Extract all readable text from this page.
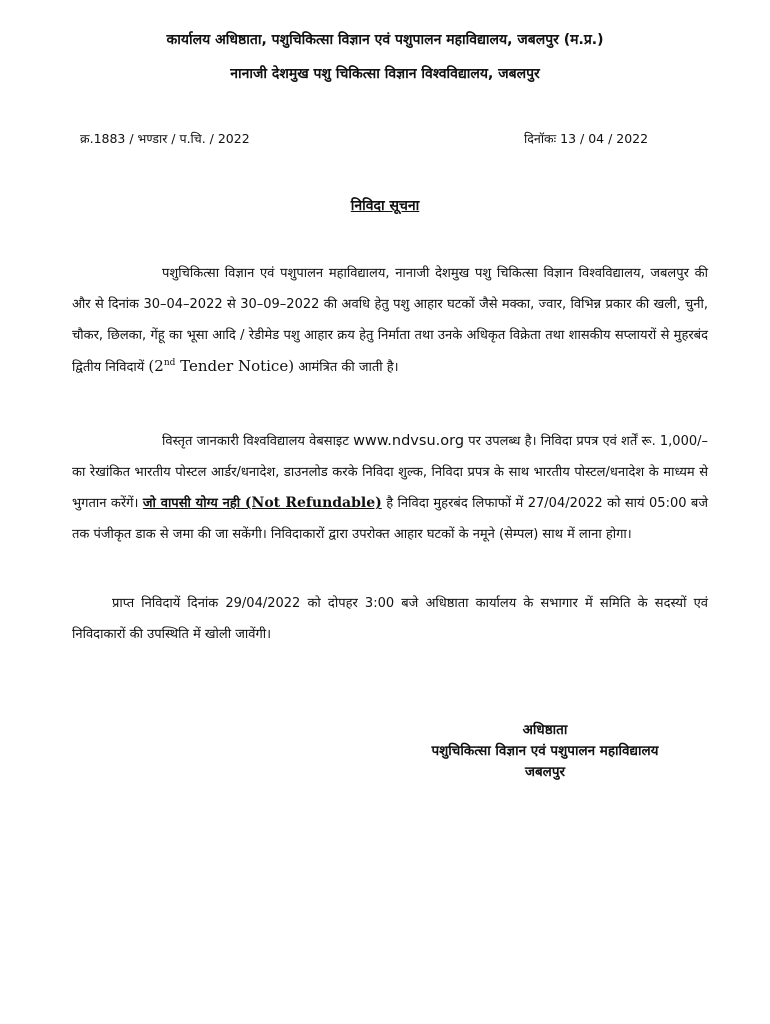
कार्यालय अधिष्ठाता, पशुचिकित्सा विज्ञान एवं पशुपालन महाविद्यालय, जबलपुर (म.प्र.)
नानाजी देशमुख पशु चिकित्सा विज्ञान विश्वविद्यालय, जबलपुर
क्र.1883 / भण्डार / प.चि. / 2022	दिनॉकः 13 / 04 / 2022
निविदा सूचना
पशुचिकित्सा विज्ञान एवं पशुपालन महाविद्यालय, नानाजी देशमुख पशु चिकित्सा विज्ञान विश्वविद्यालय, जबलपुर की और से दिनांक 30–04–2022 से 30–09–2022 की अवधि हेतु पशु आहार घटकों जैसे मक्का, ज्वार, विभिन्न प्रकार की खली, चुनी, चौकर, छिलका, गेंहू का भूसा आदि / रेडीमेड पशु आहार क्रय हेतु निर्माता तथा उनके अधिकृत विक्रेता तथा शासकीय सप्लायरों से मुहरबंद द्वितीय निविदायें (2nd Tender Notice) आमंत्रित की जाती है।
विस्तृत जानकारी विश्वविद्यालय वेबसाइट www.ndvsu.org पर उपलब्ध है। निविदा प्रपत्र एवं शर्तें रू. 1,000/– का रेखांकित भारतीय पोस्टल आर्डर/धनादेश, डाउनलोड करके निविदा शुल्क, निविदा प्रपत्र के साथ भारतीय पोस्टल/धनादेश के माध्यम से भुगतान करेंगें। जो वापसी योग्य नही (Not Refundable) है निविदा मुहरबंद लिफाफों में 27/04/2022 को सायं 05:00 बजे तक पंजीकृत डाक से जमा की जा सकेंगी। निविदाकारों द्वारा उपरोक्त आहार घटकों के नमूने (सेम्पल) साथ में लाना होगा।
प्राप्त निविदायें दिनांक 29/04/2022 को दोपहर 3:00 बजे अधिष्ठाता कार्यालय के सभागार में समिति के सदस्यों एवं निविदाकारों की उपस्थिति में खोली जावेंगी।
अधिष्ठाता
पशुचिकित्सा विज्ञान एवं पशुपालन महाविद्यालय
जबलपुर
